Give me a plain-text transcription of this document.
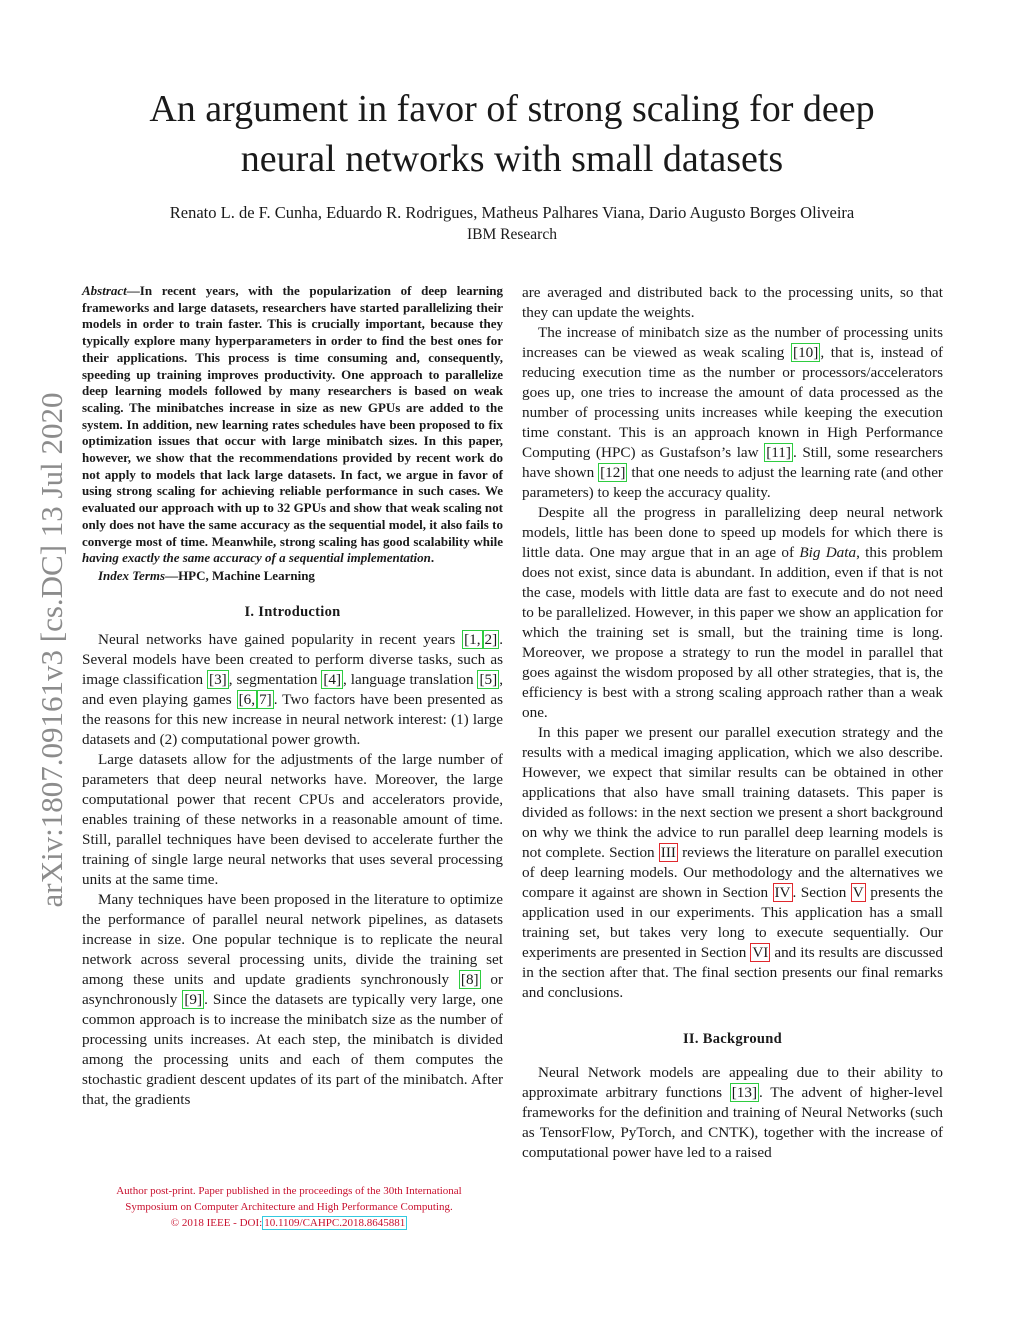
An argument in favor of strong scaling for deep
neural networks with small datasets
Renato L. de F. Cunha, Eduardo R. Rodrigues, Matheus Palhares Viana, Dario Augusto Borges Oliveira
IBM Research
arXiv:1807.09161v3 [cs.DC] 13 Jul 2020

Abstract—In recent years, with the popularization of deep learning frameworks and large datasets, researchers have started parallelizing their models in order to train faster. This is crucially important, because they typically explore many hyperparameters in order to find the best ones for their applications. This process is time consuming and, consequently, speeding up training improves productivity. One approach to parallelize deep learning models followed by many researchers is based on weak scaling. The minibatches increase in size as new GPUs are added to the system. In addition, new learning rates schedules have been proposed to fix optimization issues that occur with large minibatch sizes. In this paper, however, we show that the recommendations provided by recent work do not apply to models that lack large datasets. In fact, we argue in favor of using strong scaling for achieving reliable performance in such cases. We evaluated our approach with up to 32 GPUs and show that weak scaling not only does not have the same accuracy as the sequential model, it also fails to converge most of time. Meanwhile, strong scaling has good scalability while having exactly the same accuracy of a sequential implementation.

Index Terms—HPC, Machine Learning

I. Introduction

Neural networks have gained popularity in recent years [1, 2] . Several models have been created to perform diverse tasks, such as image classification [3] , segmentation [4] , language translation [5] , and even playing games [6, 7] . Two factors have been presented as the reasons for this new increase in neural network interest: (1) large datasets and (2) computational power growth.

Large datasets allow for the adjustments of the large number of parameters that deep neural networks have. Moreover, the large computational power that recent CPUs and accelerators provide, enables training of these networks in a reasonable amount of time. Still, parallel techniques have been devised to accelerate further the training of single large neural networks that uses several processing units at the same time.

Many techniques have been proposed in the literature to optimize the performance of parallel neural network pipelines, as datasets increase in size. One popular technique is to replicate the neural network across several processing units, divide the training set among these units and update gradients synchronously [8] or asynchronously [9] . Since the datasets are typically very large, one common approach is to increase the minibatch size as the number of processing units increases. At each step, the minibatch is divided among the processing units and each of them computes the stochastic gradient descent updates of its part of the minibatch. After that, the gradients

Author post-print. Paper published in the proceedings of the 30th International
Symposium on Computer Architecture and High Performance Computing.
© 2018 IEEE - DOI: 10.1109/CAHPC.2018.8645881

are averaged and distributed back to the processing units, so that they can update the weights.

The increase of minibatch size as the number of processing units increases can be viewed as weak scaling [10] , that is, instead of reducing execution time as the number or processors/accelerators goes up, one tries to increase the amount of data processed as the number of processing units increases while keeping the execution time constant. This is an approach known in High Performance Computing (HPC) as Gustafson’s law [11] . Still, some researchers have shown [12] that one needs to adjust the learning rate (and other parameters) to keep the accuracy quality.

Despite all the progress in parallelizing deep neural network models, little has been done to speed up models for which there is little data. One may argue that in an age of Big Data, this problem does not exist, since data is abundant. In addition, even if that is not the case, models with little data are fast to execute and do not need to be parallelized. However, in this paper we show an application for which the training set is small, but the training time is long. Moreover, we propose a strategy to run the model in parallel that goes against the wisdom proposed by all other strategies, that is, the efficiency is best with a strong scaling approach rather than a weak one.

In this paper we present our parallel execution strategy and the results with a medical imaging application, which we also describe. However, we expect that similar results can be obtained in other applications that also have small training datasets. This paper is divided as follows: in the next section we present a short background on why we think the advice to run parallel deep learning models is not complete. Section III reviews the literature on parallel execution of deep learning models. Our methodology and the alternatives we compare it against are shown in Section IV . Section V presents the application used in our experiments. This application has a small training set, but takes very long to execute sequentially. Our experiments are presented in Section VI and its results are discussed in the section after that. The final section presents our final remarks and conclusions.

II. Background

Neural Network models are appealing due to their ability to approximate arbitrary functions [13] . The advent of higher-level frameworks for the definition and training of Neural Networks (such as TensorFlow, PyTorch, and CNTK), together with the increase of computational power have led to a raised
